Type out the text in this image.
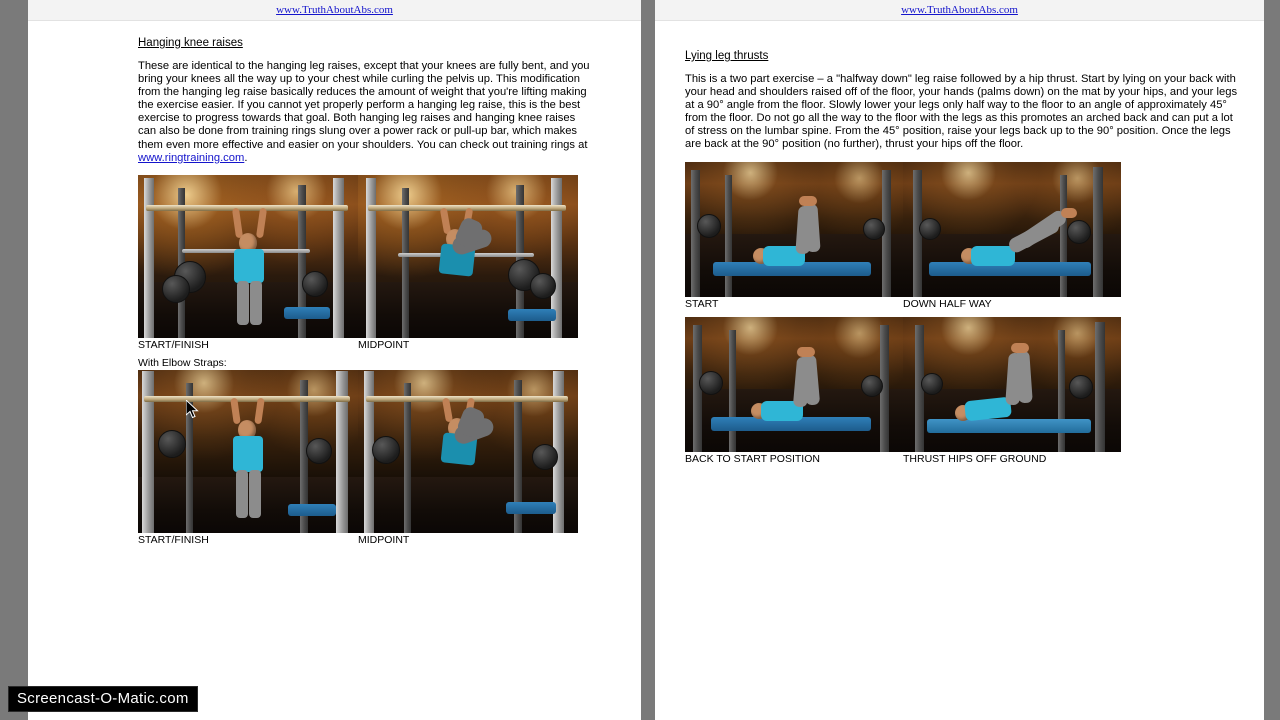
www.TruthAboutAbs.com
Hanging knee raises

These are identical to the hanging leg raises, except that your knees are fully bent, and you bring your knees all the way up to your chest while curling the pelvis up. This modification from the hanging leg raise basically reduces the amount of weight that you're lifting making the exercise easier. If you cannot yet properly perform a hanging leg raise, this is the best exercise to progress towards that goal. Both hanging leg raises and hanging knee raises can also be done from training rings slung over a power rack or pull-up bar, which makes them even more effective and easier on your shoulders. You can check out training rings at www.ringtraining.com.

START/FINISH	MIDPOINT
With Elbow Straps:
START/FINISH	MIDPOINT
www.TruthAboutAbs.com
Lying leg thrusts

This is a two part exercise – a "halfway down" leg raise followed by a hip thrust. Start by lying on your back with your head and shoulders raised off of the floor, your hands (palms down) on the mat by your hips, and your legs at a 90° angle from the floor. Slowly lower your legs only half way to the floor to an angle of approximately 45° from the floor. Do not go all the way to the floor with the legs as this promotes an arched back and can put a lot of stress on the lumbar spine. From the 45° position, raise your legs back up to the 90° position. Once the legs are back at the 90° position (no further), thrust your hips off the floor.

START	DOWN HALF WAY
BACK TO START POSITION	THRUST HIPS OFF GROUND
Screencast-O-Matic.com
